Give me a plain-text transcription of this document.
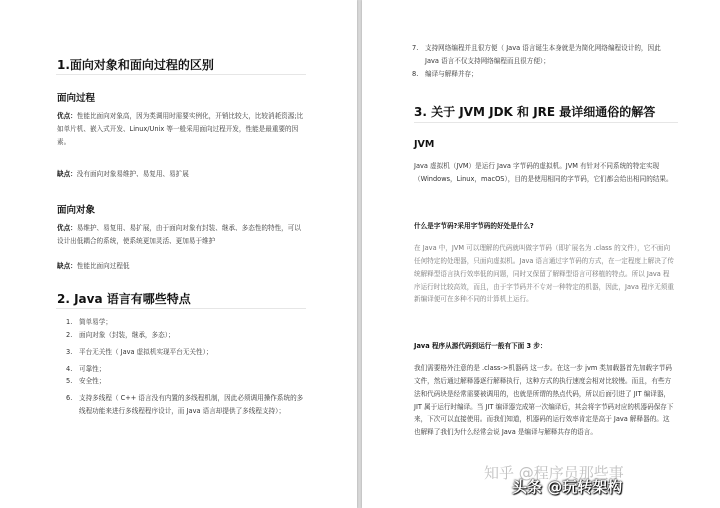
1.面向对象和面向过程的区别
面向过程
优点：性能比面向对象高，因为类调用时需要实例化，开销比较大，比较消耗资源;比如单片机、嵌入式开发、Linux/Unix 等一般采用面向过程开发，性能是最重要的因素。
缺点：没有面向对象易维护、易复用、易扩展
面向对象
优点：易维护、易复用、易扩展，由于面向对象有封装、继承、多态性的特性，可以设计出低耦合的系统，使系统更加灵活、更加易于维护
缺点：性能比面向过程低
2. Java 语言有哪些特点
1.	简单易学；
2.	面向对象（封装，继承，多态）；
3.	平台无关性（ Java 虚拟机实现平台无关性）；
4.	可靠性；
5.	安全性；
6.	支持多线程（ C++ 语言没有内置的多线程机制，因此必须调用操作系统的多线程功能来进行多线程程序设计，而 Java 语言却提供了多线程支持）；
7.	支持网络编程并且很方便（ Java 语言诞生本身就是为简化网络编程设计的，因此 Java 语言不仅支持网络编程而且很方便）；
8.	编译与解释并存；
3. 关于 JVM JDK 和 JRE 最详细通俗的解答
JVM
Java 虚拟机（JVM）是运行 Java 字节码的虚拟机。JVM 有针对不同系统的特定实现（Windows，Linux，macOS），目的是使用相同的字节码，它们都会给出相同的结果。
什么是字节码?采用字节码的好处是什么?
在 Java 中，JVM 可以理解的代码就叫做字节码（即扩展名为 .class 的文件），它不面向任何特定的处理器，只面向虚拟机。Java 语言通过字节码的方式，在一定程度上解决了传统解释型语言执行效率低的问题，同时又保留了解释型语言可移植的特点。所以 Java 程序运行时比较高效，而且，由于字节码并不专对一种特定的机器，因此，Java 程序无须重新编译便可在多种不同的计算机上运行。
Java 程序从源代码到运行一般有下面 3 步：
我们需要格外注意的是 .class->机器码 这一步。在这一步 jvm 类加载器首先加载字节码文件，然后通过解释器逐行解释执行，这种方式的执行速度会相对比较慢。而且，有些方法和代码块是经常需要被调用的，也就是所谓的热点代码，所以后面引进了 JIT 编译器，JIT 属于运行时编译。当 JIT 编译器完成第一次编译后，其会将字节码对应的机器码保存下来，下次可以直接使用。而我们知道，机器码的运行效率肯定是高于 Java 解释器的。这也解释了我们为什么经常会说 Java 是编译与解释共存的语言。
知乎 @程序员那些事
头条 @玩转架构
